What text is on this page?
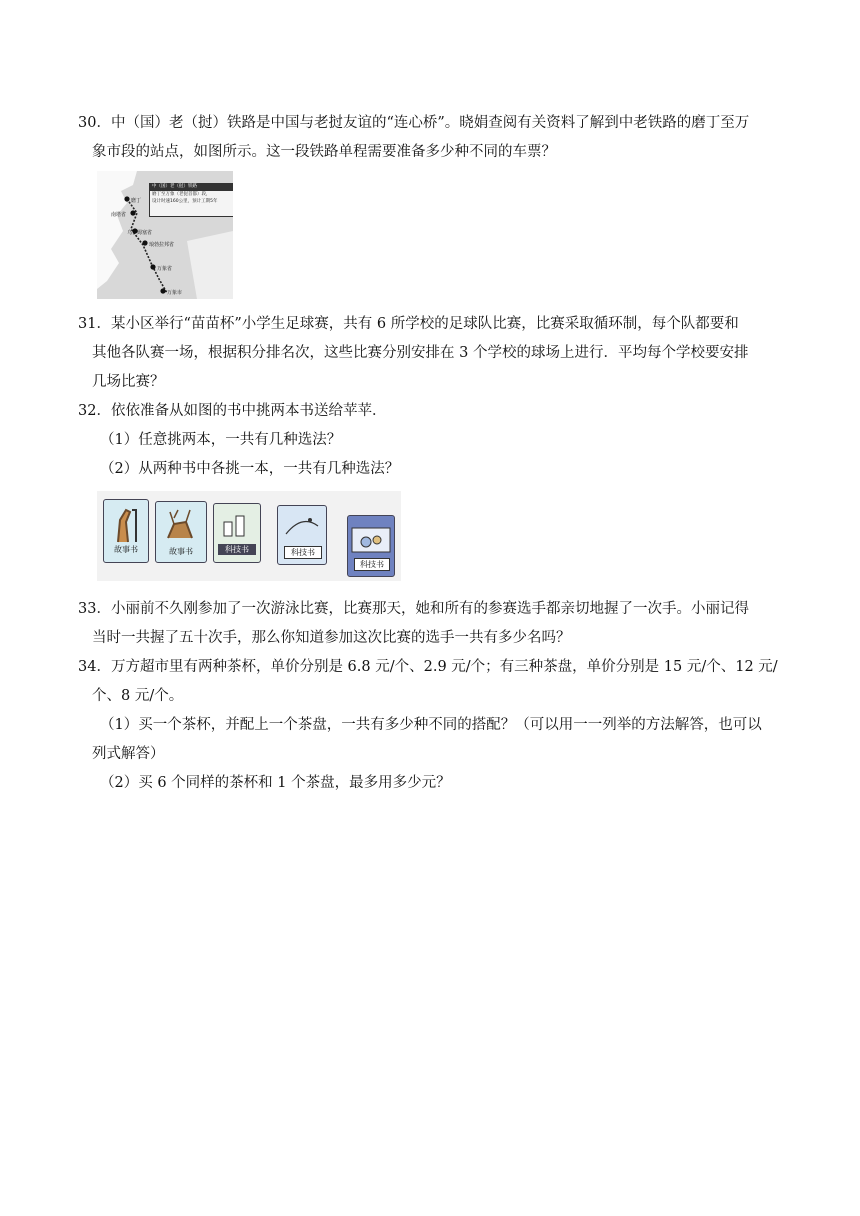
30．中（国）老（挝）铁路是中国与老挝友谊的“连心桥”。晓娟查阅有关资料了解到中老铁路的磨丁至万
象市段的站点，如图所示。这一段铁路单程需要准备多少种不同的车票？
中（国）老（挝）铁路
磨丁至万象（老挝首都）段，
设计时速160公里，预计工期5年
磨丁
南塔省
乌多姆塞省
琅勃拉邦省
万象省
万象市
31．某小区举行“苗苗杯”小学生足球赛，共有 6 所学校的足球队比赛，比赛采取循环制，每个队都要和
其他各队赛一场，根据积分排名次，这些比赛分别安排在 3 个学校的球场上进行．平均每个学校要安排
几场比赛？
32．依依准备从如图的书中挑两本书送给苹苹．
（1）任意挑两本，一共有几种选法？
（2）从两种书中各挑一本，一共有几种选法？
故事书	故事书	科技书	科技书
科技书
33．小丽前不久刚参加了一次游泳比赛，比赛那天，她和所有的参赛选手都亲切地握了一次手。小丽记得
当时一共握了五十次手，那么你知道参加这次比赛的选手一共有多少名吗？
34．万方超市里有两种茶杯，单价分别是 6.8 元/个、2.9 元/个；有三种茶盘，单价分别是 15 元/个、12 元/
个、8 元/个。
（1）买一个茶杯，并配上一个茶盘，一共有多少种不同的搭配？（可以用一一列举的方法解答，也可以
列式解答）
（2）买 6 个同样的茶杯和 1 个茶盘，最多用多少元？
